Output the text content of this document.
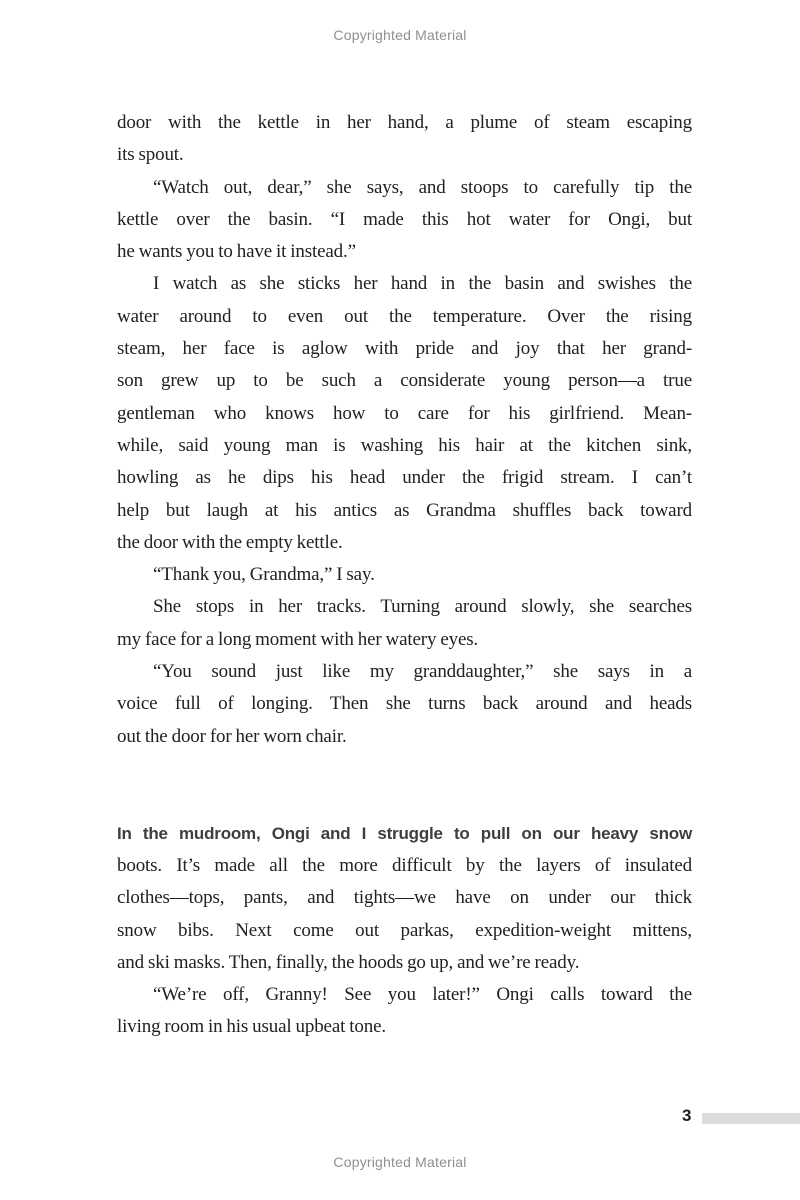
Copyrighted Material
door with the kettle in her hand, a plume of steam escaping
its spout.
“Watch out, dear,” she says, and stoops to carefully tip the
kettle over the basin. “I made this hot water for Ongi, but
he wants you to have it instead.”
I watch as she sticks her hand in the basin and swishes the
water around to even out the temperature. Over the rising
steam, her face is aglow with pride and joy that her grand-
son grew up to be such a considerate young person—a true
gentleman who knows how to care for his girlfriend. Mean-
while, said young man is washing his hair at the kitchen sink,
howling as he dips his head under the frigid stream. I can’t
help but laugh at his antics as Grandma shuffles back toward
the door with the empty kettle.
“Thank you, Grandma,” I say.
She stops in her tracks. Turning around slowly, she searches
my face for a long moment with her watery eyes.
“You sound just like my granddaughter,” she says in a
voice full of longing. Then she turns back around and heads
out the door for her worn chair.
In the mudroom, Ongi and I struggle to pull on our heavy snow
boots. It’s made all the more difficult by the layers of insulated
clothes—tops, pants, and tights—we have on under our thick
snow bibs. Next come out parkas, expedition-weight mittens,
and ski masks. Then, finally, the hoods go up, and we’re ready.
“We’re off, Granny! See you later!” Ongi calls toward the
living room in his usual upbeat tone.
3
Copyrighted Material
